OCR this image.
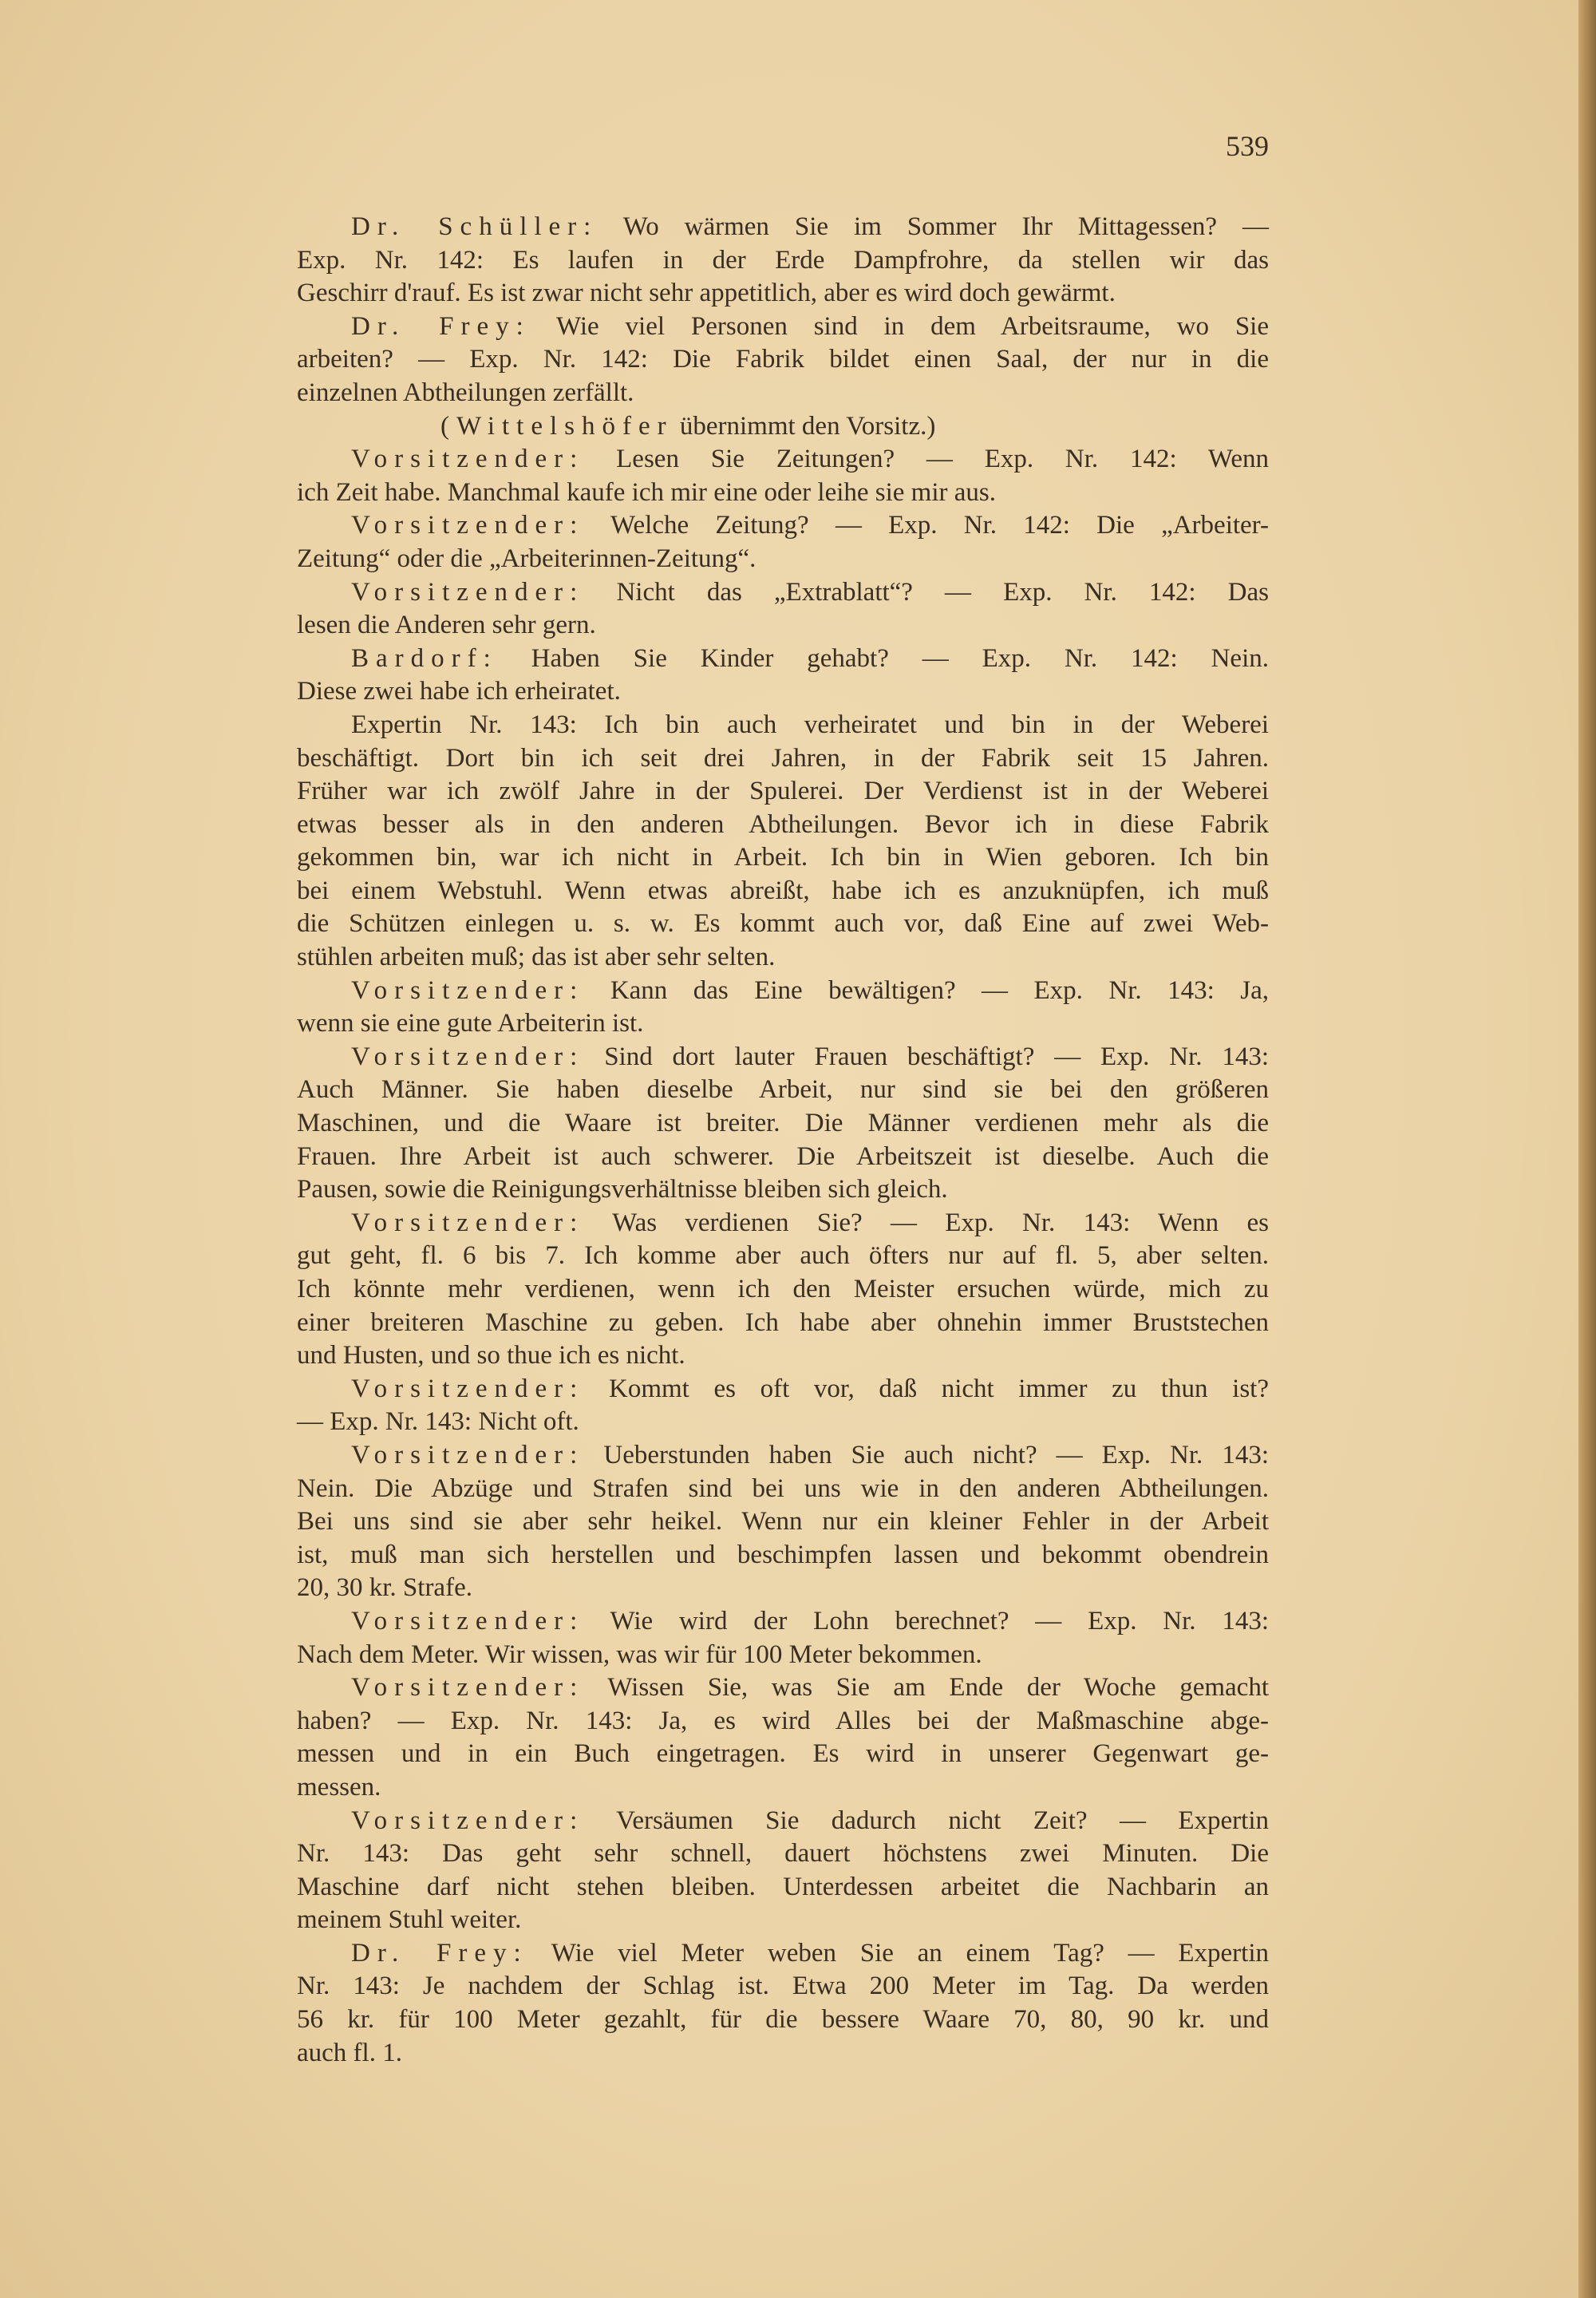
539
Dr. Schüller: Wo wärmen Sie im Sommer Ihr Mittagessen? —
Exp. Nr. 142: Es laufen in der Erde Dampfrohre, da stellen wir das
Geschirr d'rauf. Es ist zwar nicht sehr appetitlich, aber es wird doch gewärmt.
Dr. Frey: Wie viel Personen sind in dem Arbeitsraume, wo Sie
arbeiten? — Exp. Nr. 142: Die Fabrik bildet einen Saal, der nur in die
einzelnen Abtheilungen zerfällt.
(Wittelshöfer übernimmt den Vorsitz.)
Vorsitzender: Lesen Sie Zeitungen? — Exp. Nr. 142: Wenn
ich Zeit habe. Manchmal kaufe ich mir eine oder leihe sie mir aus.
Vorsitzender: Welche Zeitung? — Exp. Nr. 142: Die „Arbeiter-
Zeitung“ oder die „Arbeiterinnen-Zeitung“.
Vorsitzender: Nicht das „Extrablatt“? — Exp. Nr. 142: Das
lesen die Anderen sehr gern.
Bardorf: Haben Sie Kinder gehabt? — Exp. Nr. 142: Nein.
Diese zwei habe ich erheiratet.
Expertin Nr. 143: Ich bin auch verheiratet und bin in der Weberei
beschäftigt. Dort bin ich seit drei Jahren, in der Fabrik seit 15 Jahren.
Früher war ich zwölf Jahre in der Spulerei. Der Verdienst ist in der Weberei
etwas besser als in den anderen Abtheilungen. Bevor ich in diese Fabrik
gekommen bin, war ich nicht in Arbeit. Ich bin in Wien geboren. Ich bin
bei einem Webstuhl. Wenn etwas abreißt, habe ich es anzuknüpfen, ich muß
die Schützen einlegen u. s. w. Es kommt auch vor, daß Eine auf zwei Web-
stühlen arbeiten muß; das ist aber sehr selten.
Vorsitzender: Kann das Eine bewältigen? — Exp. Nr. 143: Ja,
wenn sie eine gute Arbeiterin ist.
Vorsitzender: Sind dort lauter Frauen beschäftigt? — Exp. Nr. 143:
Auch Männer. Sie haben dieselbe Arbeit, nur sind sie bei den größeren
Maschinen, und die Waare ist breiter. Die Männer verdienen mehr als die
Frauen. Ihre Arbeit ist auch schwerer. Die Arbeitszeit ist dieselbe. Auch die
Pausen, sowie die Reinigungsverhältnisse bleiben sich gleich.
Vorsitzender: Was verdienen Sie? — Exp. Nr. 143: Wenn es
gut geht, fl. 6 bis 7. Ich komme aber auch öfters nur auf fl. 5, aber selten.
Ich könnte mehr verdienen, wenn ich den Meister ersuchen würde, mich zu
einer breiteren Maschine zu geben. Ich habe aber ohnehin immer Bruststechen
und Husten, und so thue ich es nicht.
Vorsitzender: Kommt es oft vor, daß nicht immer zu thun ist?
— Exp. Nr. 143: Nicht oft.
Vorsitzender: Ueberstunden haben Sie auch nicht? — Exp. Nr. 143:
Nein. Die Abzüge und Strafen sind bei uns wie in den anderen Abtheilungen.
Bei uns sind sie aber sehr heikel. Wenn nur ein kleiner Fehler in der Arbeit
ist, muß man sich herstellen und beschimpfen lassen und bekommt obendrein
20, 30 kr. Strafe.
Vorsitzender: Wie wird der Lohn berechnet? — Exp. Nr. 143:
Nach dem Meter. Wir wissen, was wir für 100 Meter bekommen.
Vorsitzender: Wissen Sie, was Sie am Ende der Woche gemacht
haben? — Exp. Nr. 143: Ja, es wird Alles bei der Maßmaschine abge-
messen und in ein Buch eingetragen. Es wird in unserer Gegenwart ge-
messen.
Vorsitzender: Versäumen Sie dadurch nicht Zeit? — Expertin
Nr. 143: Das geht sehr schnell, dauert höchstens zwei Minuten. Die
Maschine darf nicht stehen bleiben. Unterdessen arbeitet die Nachbarin an
meinem Stuhl weiter.
Dr. Frey: Wie viel Meter weben Sie an einem Tag? — Expertin
Nr. 143: Je nachdem der Schlag ist. Etwa 200 Meter im Tag. Da werden
56 kr. für 100 Meter gezahlt, für die bessere Waare 70, 80, 90 kr. und
auch fl. 1.
